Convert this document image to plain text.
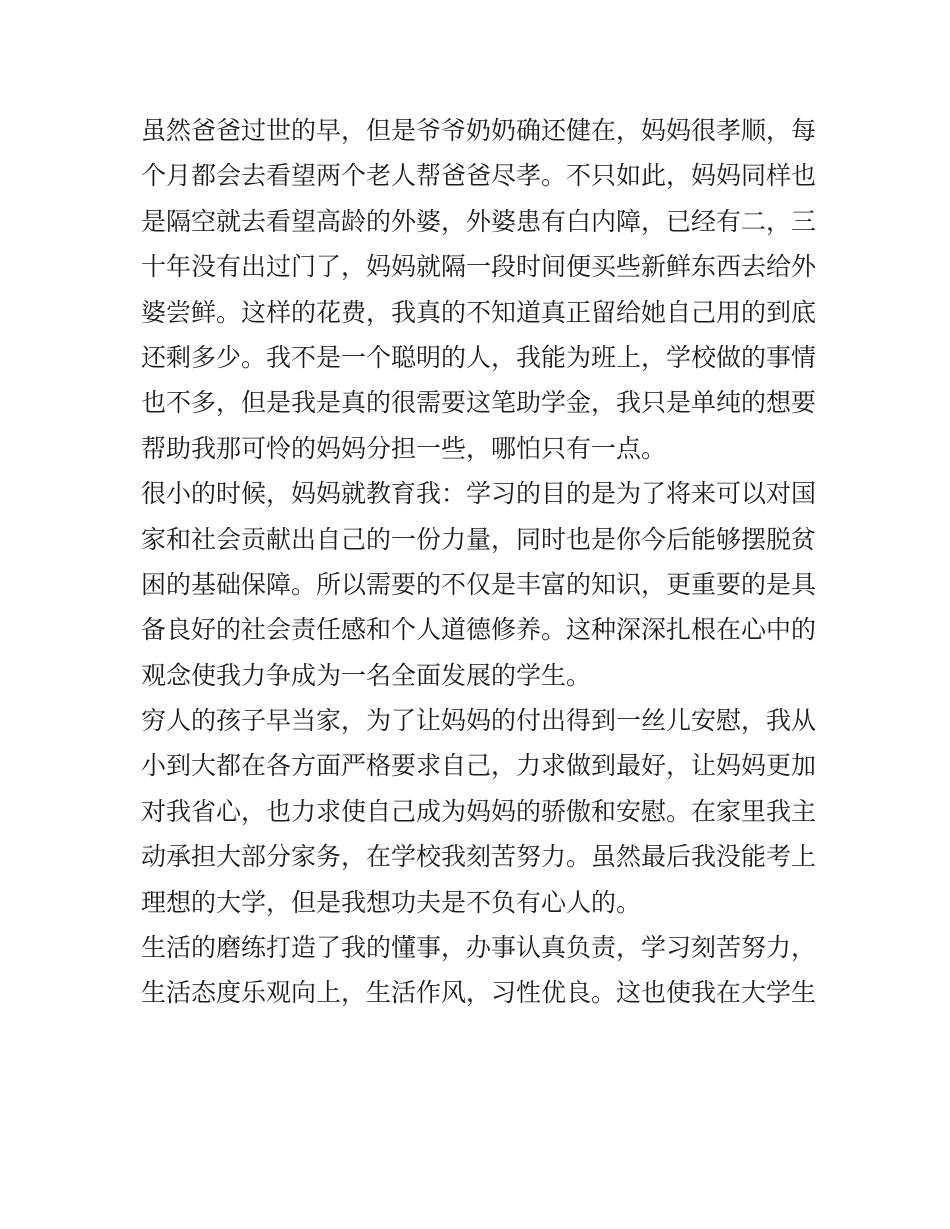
虽然爸爸过世的早，但是爷爷奶奶确还健在，妈妈很孝顺，每
个月都会去看望两个老人帮爸爸尽孝。不只如此，妈妈同样也
是隔空就去看望高龄的外婆，外婆患有白内障，已经有二，三
十年没有出过门了，妈妈就隔一段时间便买些新鲜东西去给外
婆尝鲜。这样的花费，我真的不知道真正留给她自己用的到底
还剩多少。我不是一个聪明的人，我能为班上，学校做的事情
也不多，但是我是真的很需要这笔助学金，我只是单纯的想要
帮助我那可怜的妈妈分担一些，哪怕只有一点。
很小的时候，妈妈就教育我：学习的目的是为了将来可以对国
家和社会贡献出自己的一份力量，同时也是你今后能够摆脱贫
困的基础保障。所以需要的不仅是丰富的知识，更重要的是具
备良好的社会责任感和个人道德修养。这种深深扎根在心中的
观念使我力争成为一名全面发展的学生。
穷人的孩子早当家，为了让妈妈的付出得到一丝儿安慰，我从
小到大都在各方面严格要求自己，力求做到最好，让妈妈更加
对我省心，也力求使自己成为妈妈的骄傲和安慰。在家里我主
动承担大部分家务，在学校我刻苦努力。虽然最后我没能考上
理想的大学，但是我想功夫是不负有心人的。
生活的磨练打造了我的懂事，办事认真负责，学习刻苦努力，
生活态度乐观向上，生活作风，习性优良。这也使我在大学生
